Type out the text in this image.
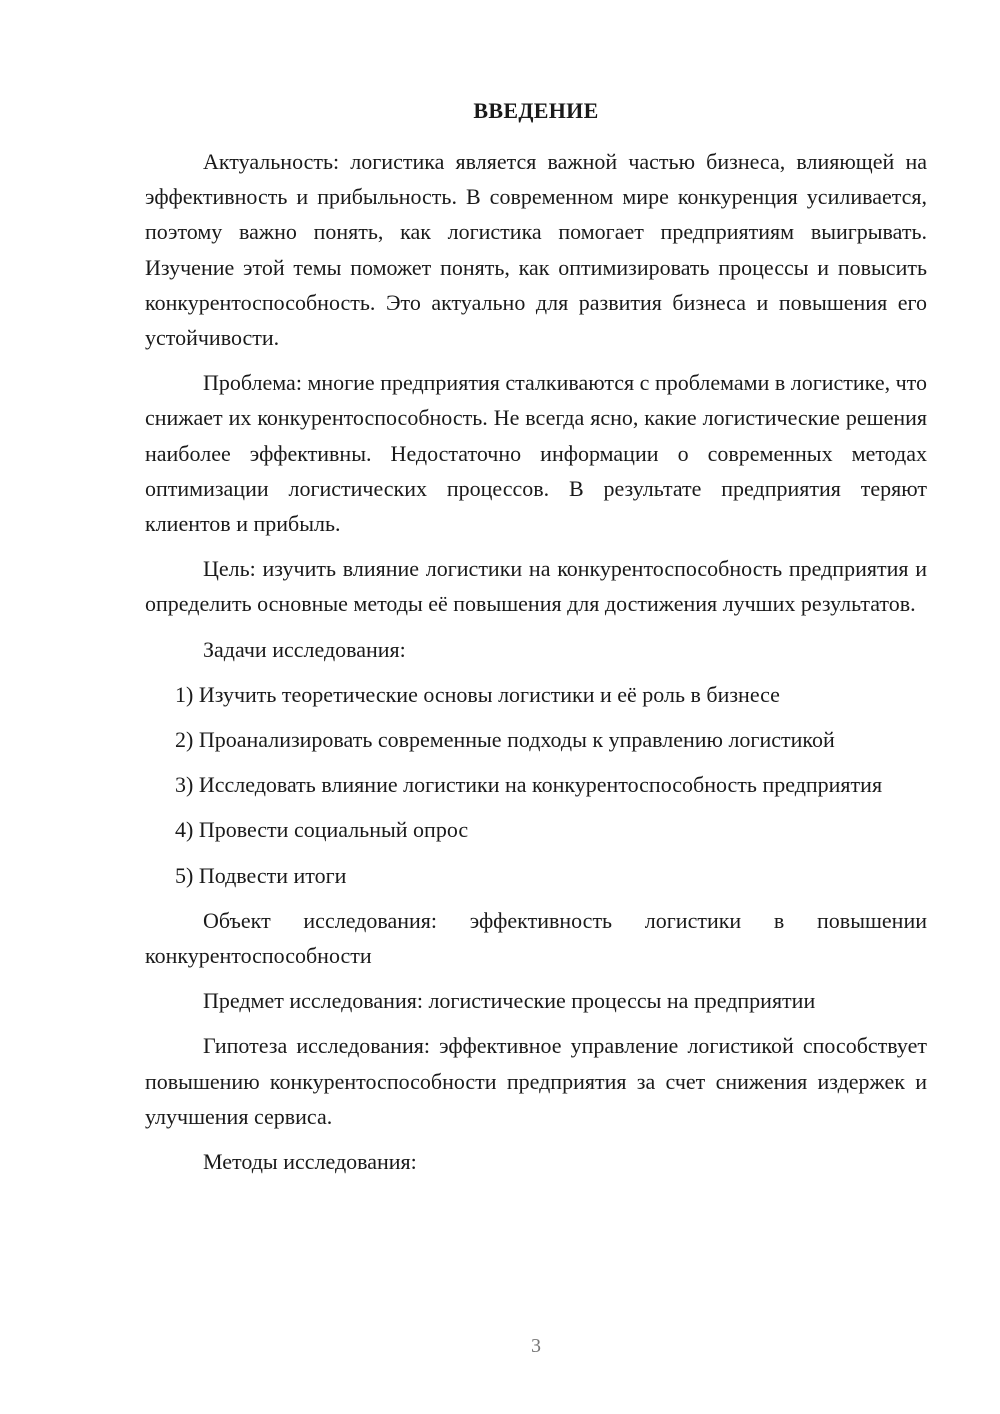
ВВЕДЕНИЕ

Актуальность: логистика является важной частью бизнеса, влияющей на эффективность и прибыльность. В современном мире конкуренция усиливается, поэтому важно понять, как логистика помогает предприятиям выигрывать. Изучение этой темы поможет понять, как оптимизировать процессы и повысить конкурентоспособность. Это актуально для развития бизнеса и повышения его устойчивости.

Проблема: многие предприятия сталкиваются с проблемами в логистике, что снижает их конкурентоспособность. Не всегда ясно, какие логистические решения наиболее эффективны. Недостаточно информации о современных методах оптимизации логистических процессов. В результате предприятия теряют клиентов и прибыль.

Цель: изучить влияние логистики на конкурентоспособность предприятия и определить основные методы её повышения для достижения лучших результатов.

Задачи исследования:

1) Изучить теоретические основы логистики и её роль в бизнесе

2) Проанализировать современные подходы к управлению логистикой

3) Исследовать влияние логистики на конкурентоспособность предприятия

4) Провести социальный опрос

5) Подвести итоги

Объект исследования: эффективность логистики в повышении конкурентоспособности

Предмет исследования: логистические процессы на предприятии

Гипотеза исследования: эффективное управление логистикой способствует повышению конкурентоспособности предприятия за счет снижения издержек и улучшения сервиса.

Методы исследования:

3
